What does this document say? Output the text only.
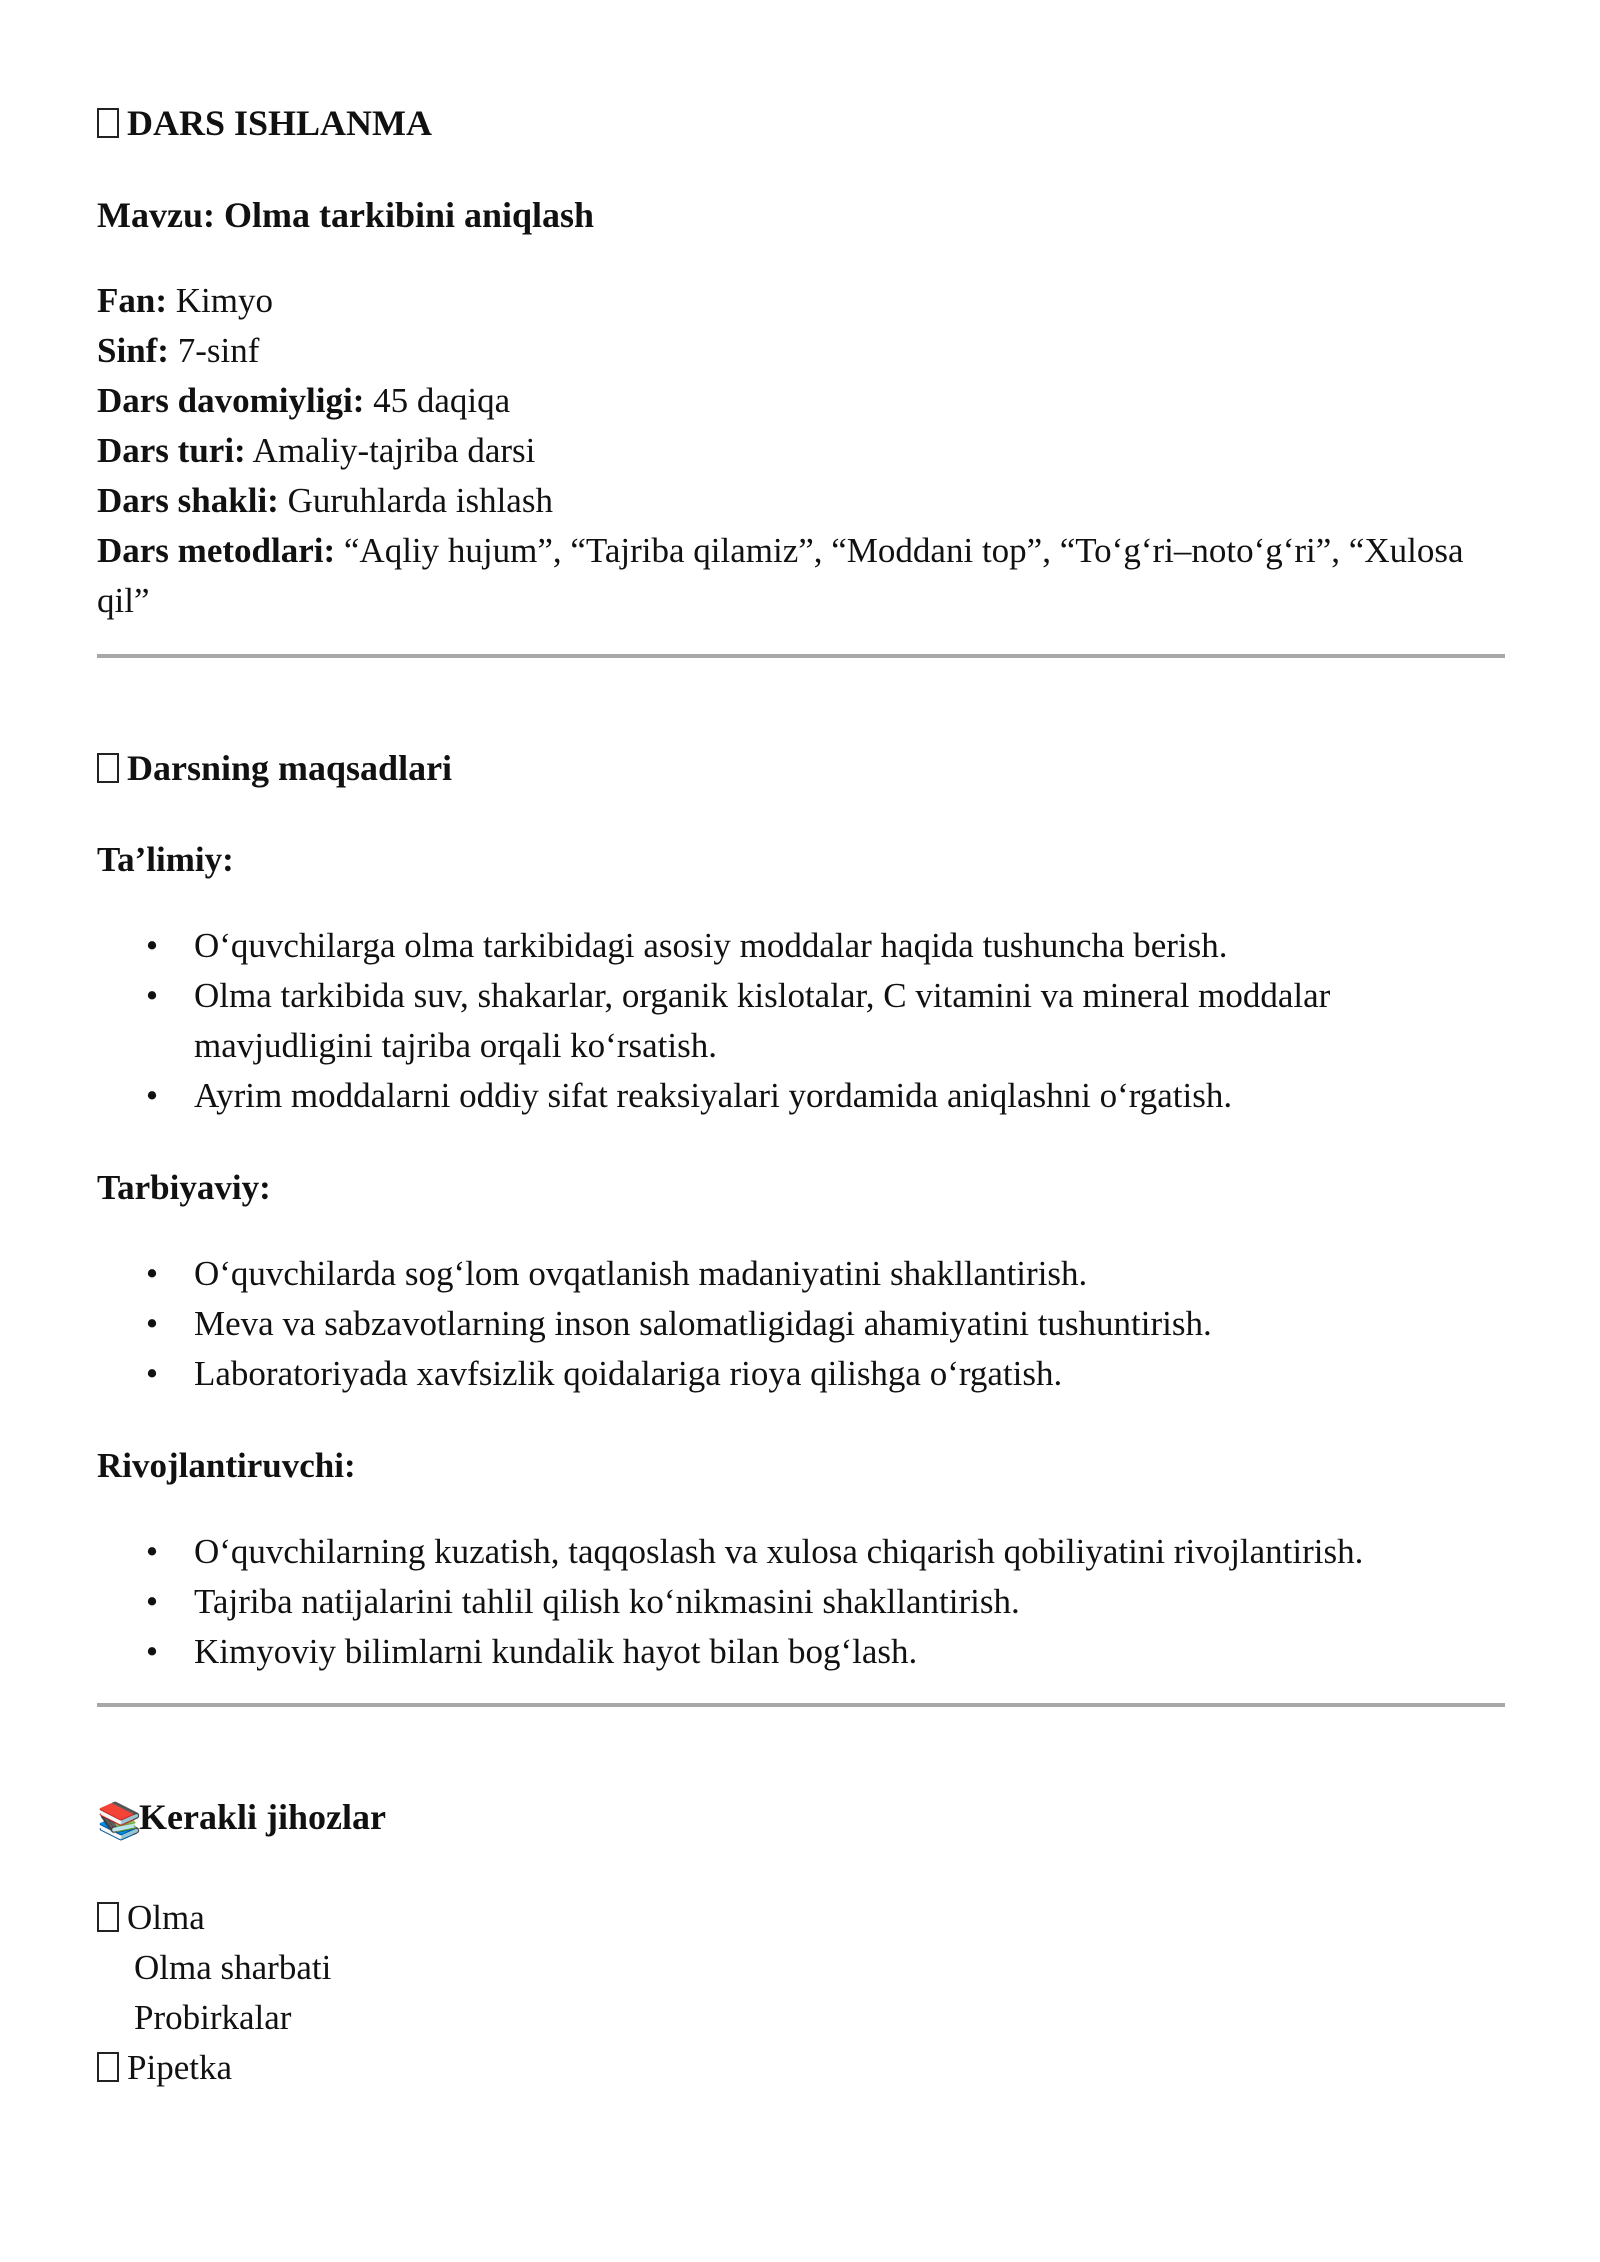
DARS ISHLANMA

Mavzu: Olma tarkibini aniqlash

Fan: Kimyo
Sinf: 7-sinf
Dars davomiyligi: 45 daqiqa
Dars turi: Amaliy-tajriba darsi
Dars shakli: Guruhlarda ishlash
Dars metodlari: “Aqliy hujum”, “Tajriba qilamiz”, “Moddani top”, “To‘g‘ri–noto‘g‘ri”, “Xulosa qil”

Darsning maqsadlari

Ta’limiy:

• O‘quvchilarga olma tarkibidagi asosiy moddalar haqida tushuncha berish.
• Olma tarkibida suv, shakarlar, organik kislotalar, C vitamini va mineral moddalar mavjudligini tajriba orqali ko‘rsatish.
• Ayrim moddalarni oddiy sifat reaksiyalari yordamida aniqlashni o‘rgatish.

Tarbiyaviy:

• O‘quvchilarda sog‘lom ovqatlanish madaniyatini shakllantirish.
• Meva va sabzavotlarning inson salomatligidagi ahamiyatini tushuntirish.
• Laboratoriyada xavfsizlik qoidalariga rioya qilishga o‘rgatish.

Rivojlantiruvchi:

• O‘quvchilarning kuzatish, taqqoslash va xulosa chiqarish qobiliyatini rivojlantirish.
• Tajriba natijalarini tahlil qilish ko‘nikmasini shakllantirish.
• Kimyoviy bilimlarni kundalik hayot bilan bog‘lash.

📚Kerakli jihozlar

Olma
Olma sharbati
Probirkalar
Pipetka
